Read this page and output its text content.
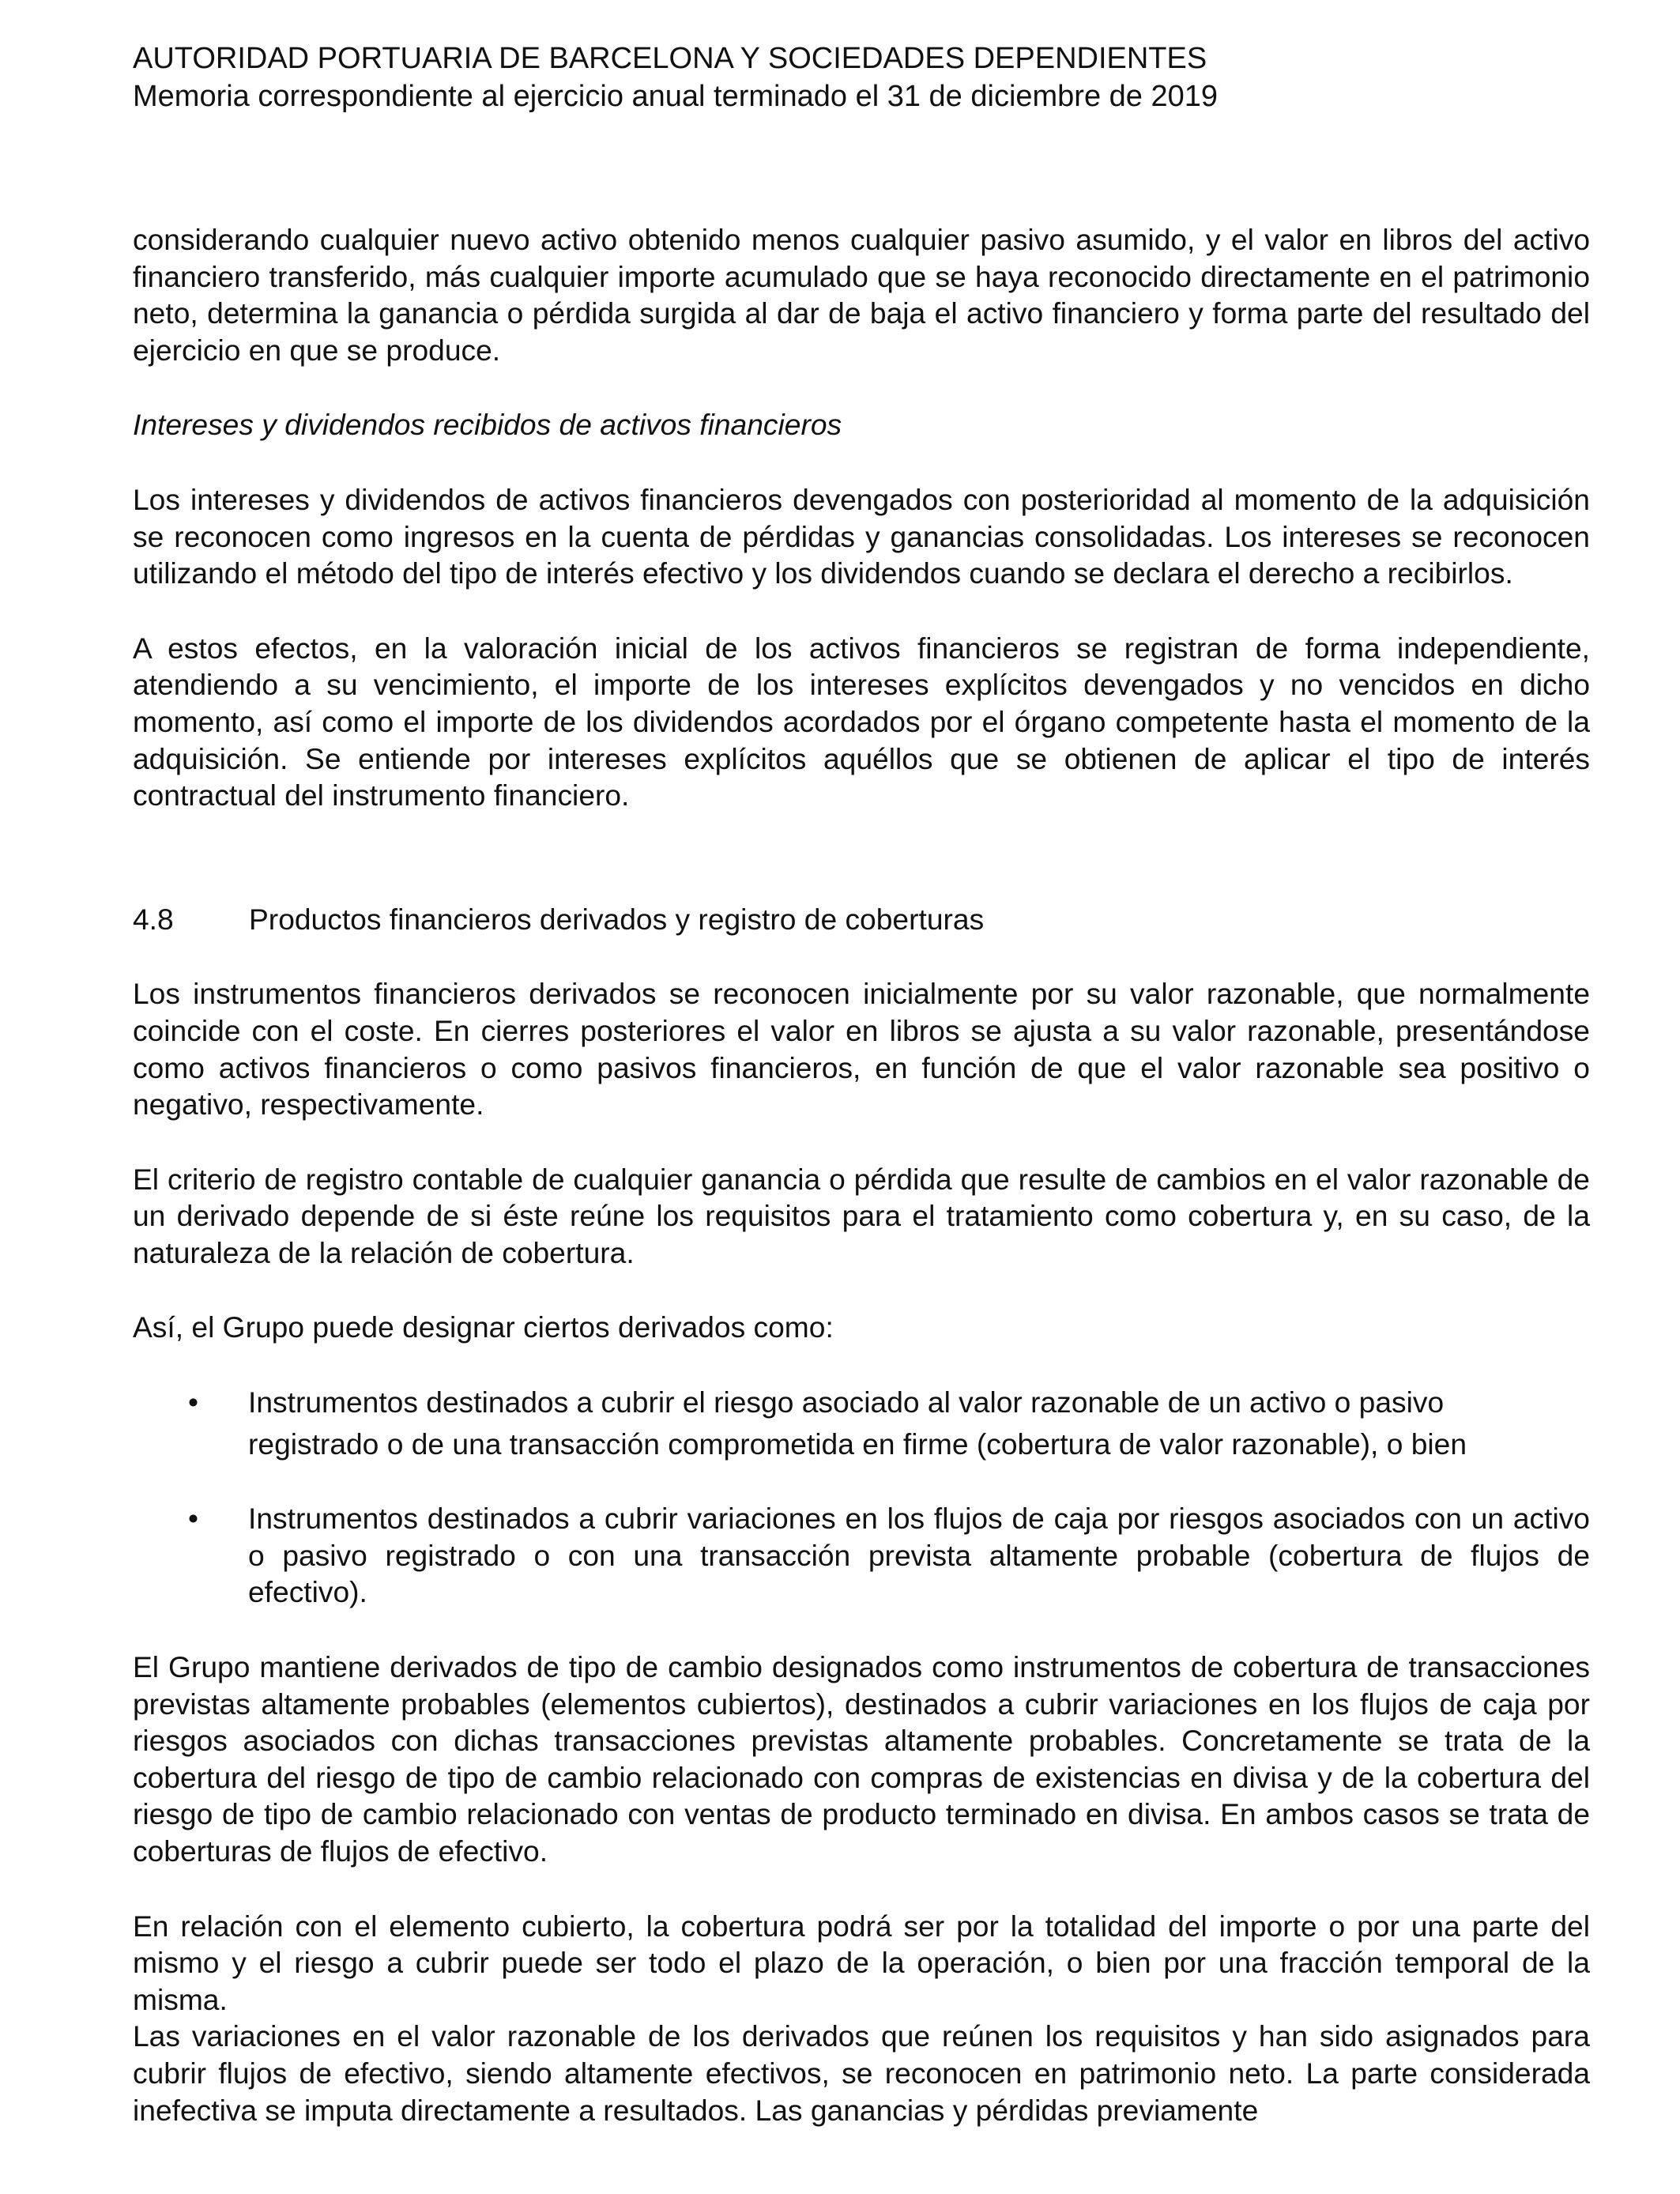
AUTORIDAD PORTUARIA DE BARCELONA Y SOCIEDADES DEPENDIENTES
Memoria correspondiente al ejercicio anual terminado el 31 de diciembre de 2019

considerando cualquier nuevo activo obtenido menos cualquier pasivo asumido, y el valor en libros del activo financiero transferido, más cualquier importe acumulado que se haya reconocido directamente en el patrimonio neto, determina la ganancia o pérdida surgida al dar de baja el activo financiero y forma parte del resultado del ejercicio en que se produce.

Intereses y dividendos recibidos de activos financieros

Los intereses y dividendos de activos financieros devengados con posterioridad al momento de la adquisición se reconocen como ingresos en la cuenta de pérdidas y ganancias consolidadas. Los intereses se reconocen utilizando el método del tipo de interés efectivo y los dividendos cuando se declara el derecho a recibirlos.

A estos efectos, en la valoración inicial de los activos financieros se registran de forma independiente, atendiendo a su vencimiento, el importe de los intereses explícitos devengados y no vencidos en dicho momento, así como el importe de los dividendos acordados por el órgano competente hasta el momento de la adquisición. Se entiende por intereses explícitos aquéllos que se obtienen de aplicar el tipo de interés contractual del instrumento financiero.

4.8	Productos financieros derivados y registro de coberturas

Los instrumentos financieros derivados se reconocen inicialmente por su valor razonable, que normalmente coincide con el coste. En cierres posteriores el valor en libros se ajusta a su valor razonable, presentándose como activos financieros o como pasivos financieros, en función de que el valor razonable sea positivo o negativo, respectivamente.

El criterio de registro contable de cualquier ganancia o pérdida que resulte de cambios en el valor razonable de un derivado depende de si éste reúne los requisitos para el tratamiento como cobertura y, en su caso, de la naturaleza de la relación de cobertura.

Así, el Grupo puede designar ciertos derivados como:

• Instrumentos destinados a cubrir el riesgo asociado al valor razonable de un activo o pasivo
registrado o de una transacción comprometida en firme (cobertura de valor razonable), o bien
• Instrumentos destinados a cubrir variaciones en los flujos de caja por riesgos asociados con un activo o pasivo registrado o con una transacción prevista altamente probable (cobertura de flujos de efectivo).

El Grupo mantiene derivados de tipo de cambio designados como instrumentos de cobertura de transacciones previstas altamente probables (elementos cubiertos), destinados a cubrir variaciones en los flujos de caja por riesgos asociados con dichas transacciones previstas altamente probables. Concretamente se trata de la cobertura del riesgo de tipo de cambio relacionado con compras de existencias en divisa y de la cobertura del riesgo de tipo de cambio relacionado con ventas de producto terminado en divisa. En ambos casos se trata de coberturas de flujos de efectivo.

En relación con el elemento cubierto, la cobertura podrá ser por la totalidad del importe o por una parte del mismo y el riesgo a cubrir puede ser todo el plazo de la operación, o bien por una fracción temporal de la misma.

Las variaciones en el valor razonable de los derivados que reúnen los requisitos y han sido asignados para cubrir flujos de efectivo, siendo altamente efectivos, se reconocen en patrimonio neto. La parte considerada inefectiva se imputa directamente a resultados. Las ganancias y pérdidas previamente
